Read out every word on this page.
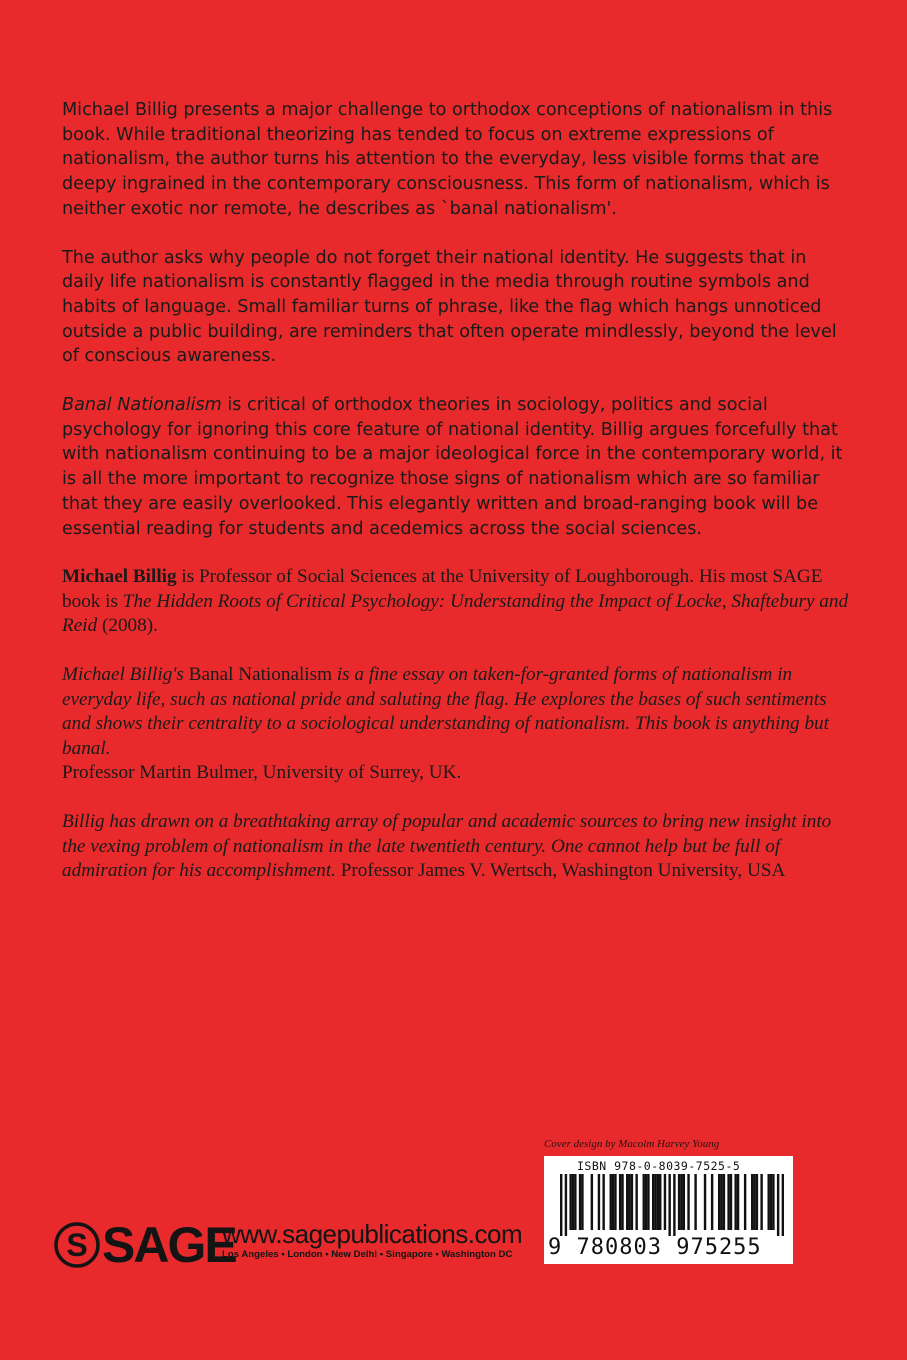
Michael Billig presents a major challenge to orthodox conceptions of nationalism in this book. While traditional theorizing has tended to focus on extreme expressions of nationalism, the author turns his attention to the everyday, less visible forms that are deepy ingrained in the contemporary consciousness. This form of nationalism, which is neither exotic nor remote, he describes as `banal nationalism'.

The author asks why people do not forget their national identity. He suggests that in daily life nationalism is constantly flagged in the media through routine symbols and habits of language. Small familiar turns of phrase, like the flag which hangs unnoticed outside a public building, are reminders that often operate mindlessly, beyond the level of conscious awareness.

Banal Nationalism is critical of orthodox theories in sociology, politics and social psychology for ignoring this core feature of national identity. Billig argues forcefully that with nationalism continuing to be a major ideological force in the contemporary world, it is all the more important to recognize those signs of nationalism which are so familiar that they are easily overlooked. This elegantly written and broad-ranging book will be essential reading for students and acedemics across the social sciences.

Michael Billig is Professor of Social Sciences at the University of Loughborough. His most SAGE book is The Hidden Roots of Critical Psychology: Understanding the Impact of Locke, Shaftebury and Reid (2008).

Michael Billig's Banal Nationalism is a fine essay on taken-for-granted forms of nationalism in everyday life, such as national pride and saluting the flag. He explores the bases of such sentiments and shows their centrality to a sociological understanding of nationalism. This book is anything but banal.
Professor Martin Bulmer, University of Surrey, UK.

Billig has drawn on a breathtaking array of popular and academic sources to bring new insight into the vexing problem of nationalism in the late twentieth century. One cannot help but be full of admiration for his accomplishment. Professor James V. Wertsch, Washington University, USA

Cover design by Macolm Harvey Young
ISBN 978-0-8039-7525-5
9 780803 975255
S SAGE
www.sagepublications.com
Los Angeles • London • New Delhi • Singapore • Washington DC
